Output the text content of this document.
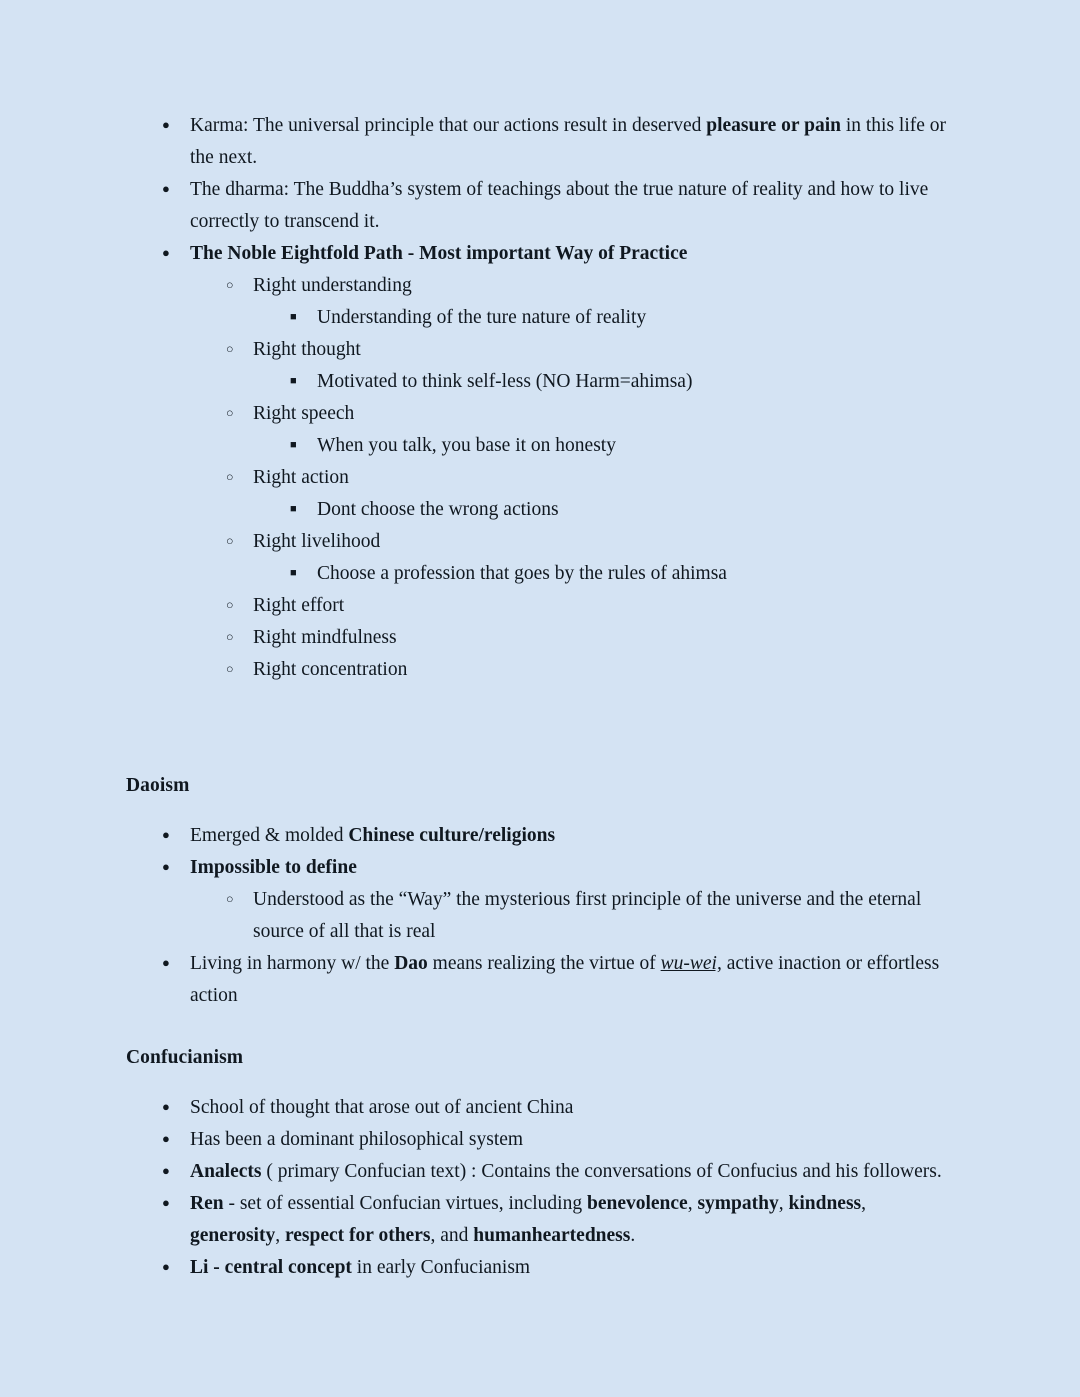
●
Karma: The universal principle that our actions result in deserved pleasure or pain in this life or the next.
●
The dharma: The Buddha’s system of teachings about the true nature of reality and how to live correctly to transcend it.
●
The Noble Eightfold Path - Most important Way of Practice
○
Right understanding
■
Understanding of the ture nature of reality
○
Right thought
■
Motivated to think self-less (NO Harm=ahimsa)
○
Right speech
■
When you talk, you base it on honesty
○
Right action
■
Dont choose the wrong actions
○
Right livelihood
■
Choose a profession that goes by the rules of ahimsa
○
Right effort
○
Right mindfulness
○
Right concentration
Daoism
●
Emerged & molded Chinese culture/religions
●
Impossible to define
○
Understood as the “Way” the mysterious first principle of the universe and the eternal source of all that is real
●
Living in harmony w/ the Dao means realizing the virtue of wu-wei, active inaction or effortless action
Confucianism
●
School of thought that arose out of ancient China
●
Has been a dominant philosophical system
●
Analects ( primary Confucian text) : Contains the conversations of Confucius and his followers.
●
Ren - set of essential Confucian virtues, including benevolence, sympathy, kindness, generosity, respect for others, and humanheartedness.
●
Li - central concept in early Confucianism
